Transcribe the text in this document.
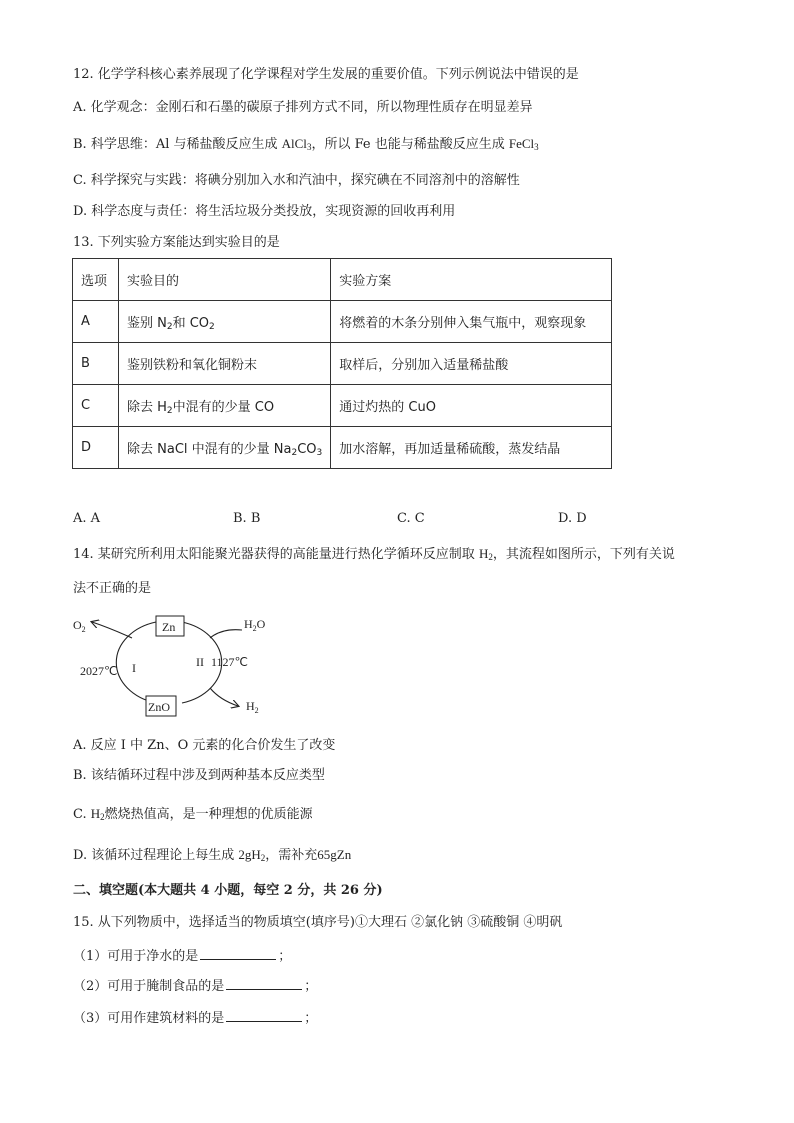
12. 化学学科核心素养展现了化学课程对学生发展的重要价值。下列示例说法中错误的是
A. 化学观念：金刚石和石墨的碳原子排列方式不同，所以物理性质存在明显差异
B. 科学思维：Al 与稀盐酸反应生成 AlCl$_3$，所以 Fe 也能与稀盐酸反应生成 FeCl$_3$
C. 科学探究与实践：将碘分别加入水和汽油中，探究碘在不同溶剂中的溶解性
D. 科学态度与责任：将生活垃圾分类投放，实现资源的回收再利用
13. 下列实验方案能达到实验目的是
选项	实验目的	实验方案
A	鉴别 $N_2$和 $CO_2$	将燃着的木条分别伸入集气瓶中，观察现象
B	鉴别铁粉和氧化铜粉末	取样后，分别加入适量稀盐酸
C	除去 $H_2$中混有的少量 CO	通过灼热的 CuO
D	除去 NaCl 中混有的少量 $Na_2CO_3$	加水溶解，再加适量稀硫酸，蒸发结晶
A. A	B. B	C. C	D. D
14. 某研究所利用太阳能聚光器获得的高能量进行热化学循环反应制取 $H_2$，其流程如图所示，下列有关说
法不正确的是
Zn
ZnO
$O_2$	$H_2O$
2027℃ I	II 1127℃
$H_2$
A. 反应 I 中 Zn、O 元素的化合价发生了改变
B. 该结循环过程中涉及到两种基本反应类型
C. $H_2$燃烧热值高，是一种理想的优质能源
D. 该循环过程理论上每生成 $2gH_2$，需补充65gZn
二、填空题(本大题共 4 小题，每空 2 分，共 26 分)
15. 从下列物质中，选择适当的物质填空(填序号)①大理石 ②氯化钠 ③硫酸铜 ④明矾
（1）可用于净水的是	；
（2）可用于腌制食品的是	；
（3）可用作建筑材料的是	；
